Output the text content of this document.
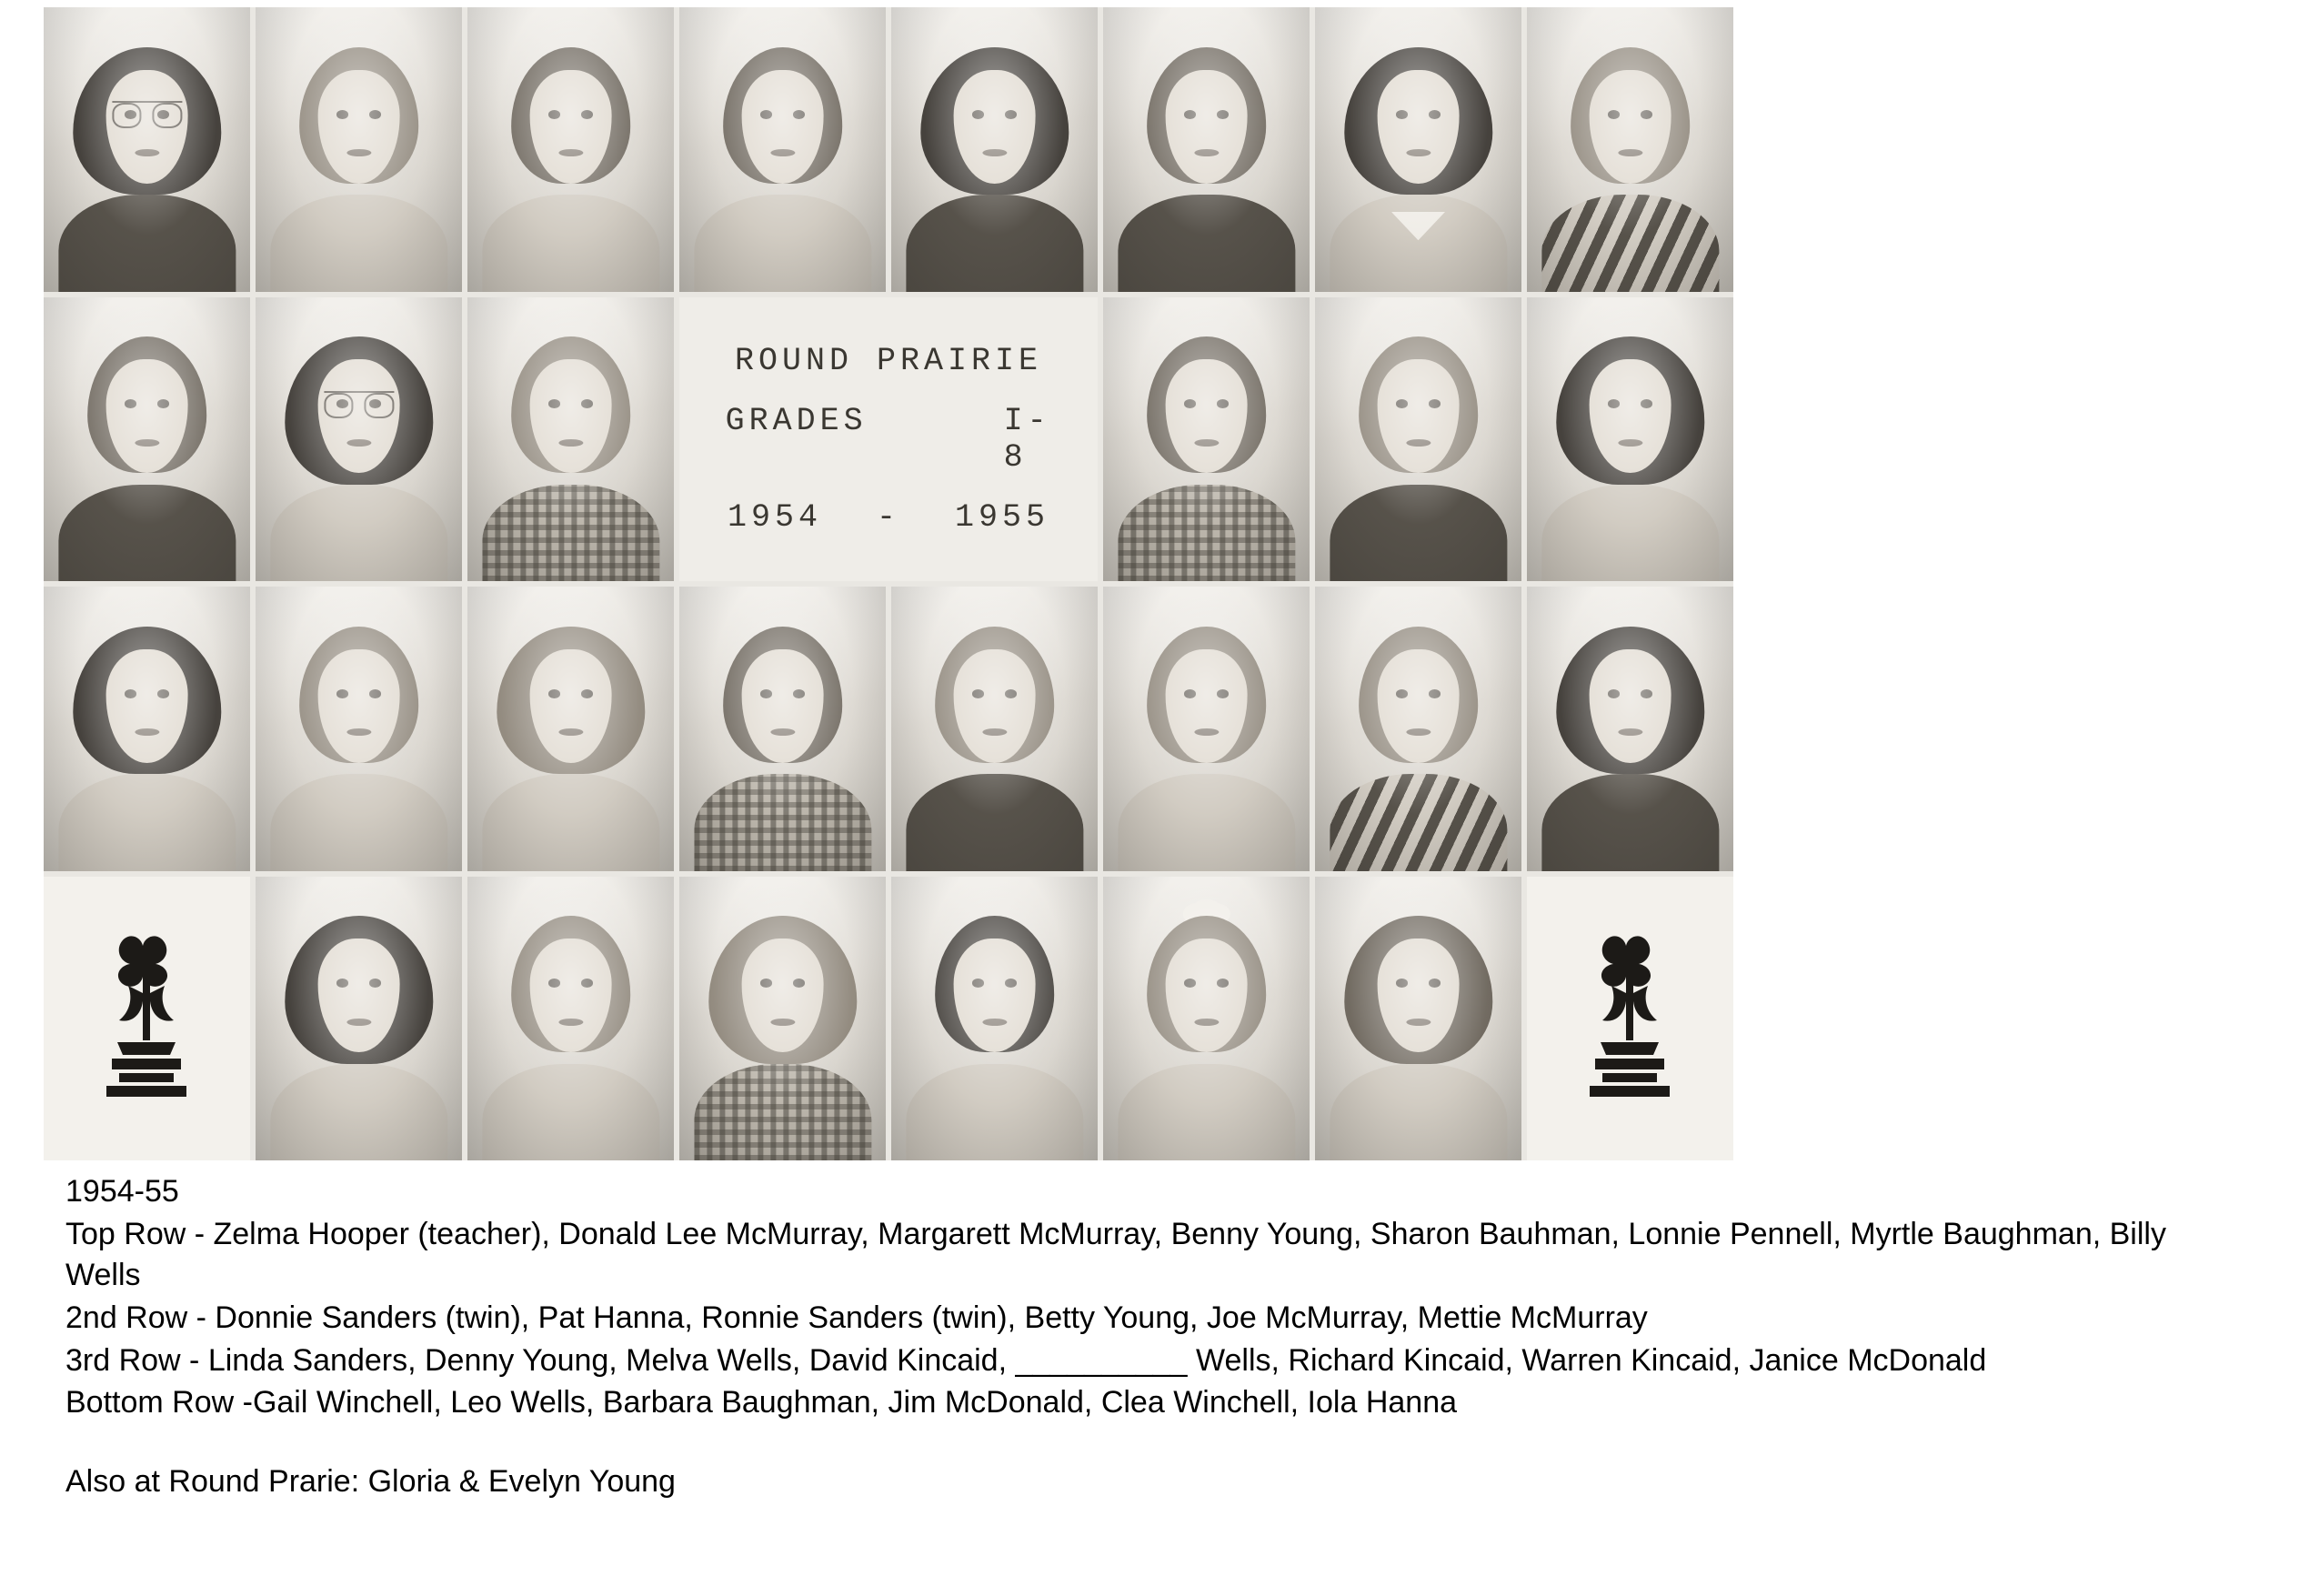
ROUND PRAIRIE
GRADES	I-8
1954 - 1955

1954-55

Top Row - Zelma Hooper (teacher), Donald Lee McMurray, Margarett McMurray, Benny Young, Sharon Bauhman, Lonnie Pennell, Myrtle Baughman, Billy Wells

2nd Row - Donnie Sanders (twin), Pat Hanna, Ronnie Sanders (twin), Betty Young, Joe McMurray, Mettie McMurray

3rd Row - Linda Sanders, Denny Young, Melva Wells, David Kincaid, __________ Wells, Richard Kincaid, Warren Kincaid, Janice McDonald

Bottom Row -Gail Winchell, Leo Wells, Barbara Baughman, Jim McDonald, Clea Winchell, Iola Hanna

Also at Round Prarie: Gloria & Evelyn Young
